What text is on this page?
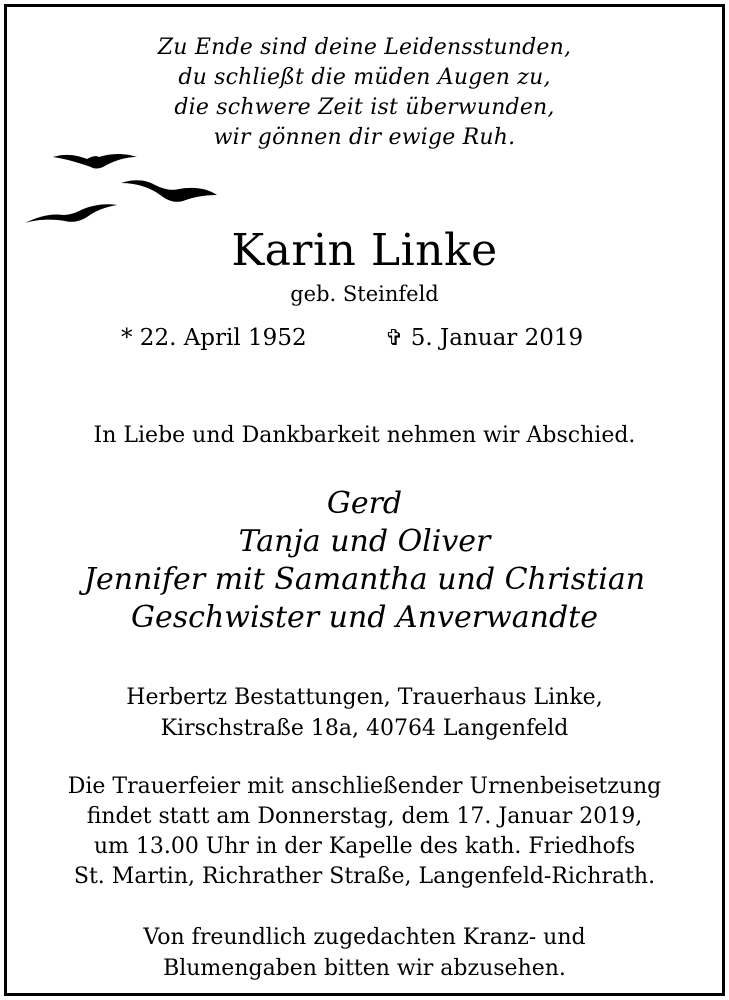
Zu Ende sind deine Leidensstunden,
du schließt die müden Augen zu,
die schwere Zeit ist überwunden,
wir gönnen dir ewige Ruh.
Karin Linke
geb. Steinfeld
* 22. April 1952	✞ 5. Januar 2019
In Liebe und Dankbarkeit nehmen wir Abschied.
Gerd
Tanja und Oliver
Jennifer mit Samantha und Christian
Geschwister und Anverwandte
Herbertz Bestattungen, Trauerhaus Linke,
Kirschstraße 18a, 40764 Langenfeld
Die Trauerfeier mit anschließender Urnenbeisetzung
findet statt am Donnerstag, dem 17. Januar 2019,
um 13.00 Uhr in der Kapelle des kath. Friedhofs
St. Martin, Richrather Straße, Langenfeld-Richrath.
Von freundlich zugedachten Kranz- und
Blumengaben bitten wir abzusehen.
